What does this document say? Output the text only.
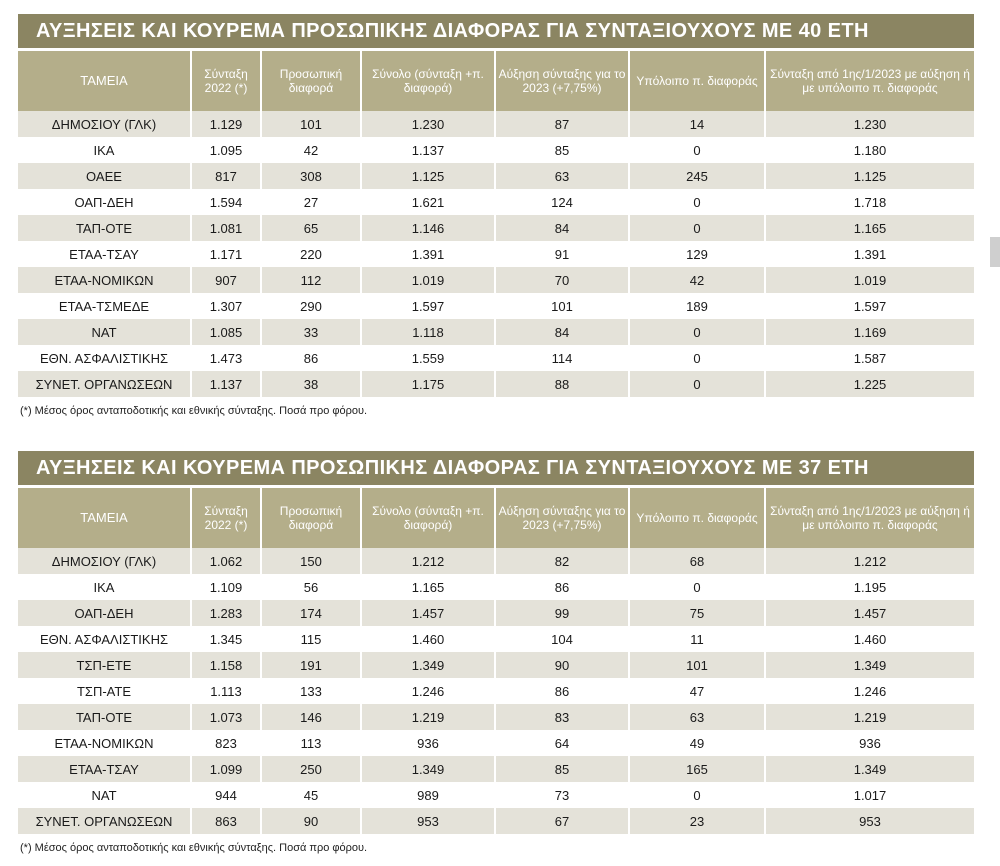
ΑΥΞΗΣΕΙΣ ΚΑΙ ΚΟΥΡΕΜΑ ΠΡΟΣΩΠΙΚΗΣ ΔΙΑΦΟΡΑΣ ΓΙΑ ΣΥΝΤΑΞΙΟΥΧΟΥΣ ΜΕ 40 ΕΤΗ
ΤΑΜΕΙΑ	Σύνταξη 2022 (*)	Προσωπική διαφορά	Σύνολο (σύνταξη +π. διαφορά)	Αύξηση σύνταξης για το 2023 (+7,75%)	Υπόλοιπο π. διαφοράς	Σύνταξη από 1ης/1/2023 με αύξηση ή με υπόλοιπο π. διαφοράς
ΔΗΜΟΣΙΟΥ (ΓΛΚ)	1.129	101	1.230	87	14	1.230
ΙΚΑ	1.095	42	1.137	85	0	1.180
ΟΑΕΕ	817	308	1.125	63	245	1.125
ΟΑΠ-ΔΕΗ	1.594	27	1.621	124	0	1.718
ΤΑΠ-ΟΤΕ	1.081	65	1.146	84	0	1.165
ΕΤΑΑ-ΤΣΑΥ	1.171	220	1.391	91	129	1.391
ΕΤΑΑ-ΝΟΜΙΚΩΝ	907	112	1.019	70	42	1.019
ΕΤΑΑ-ΤΣΜΕΔΕ	1.307	290	1.597	101	189	1.597
ΝΑΤ	1.085	33	1.118	84	0	1.169
ΕΘΝ. ΑΣΦΑΛΙΣΤΙΚΗΣ	1.473	86	1.559	114	0	1.587
ΣΥΝΕΤ. ΟΡΓΑΝΩΣΕΩΝ	1.137	38	1.175	88	0	1.225
(*) Μέσος όρος ανταποδοτικής και εθνικής σύνταξης. Ποσά προ φόρου.
ΑΥΞΗΣΕΙΣ ΚΑΙ ΚΟΥΡΕΜΑ ΠΡΟΣΩΠΙΚΗΣ ΔΙΑΦΟΡΑΣ ΓΙΑ ΣΥΝΤΑΞΙΟΥΧΟΥΣ ΜΕ 37 ΕΤΗ
ΤΑΜΕΙΑ	Σύνταξη 2022 (*)	Προσωπική διαφορά	Σύνολο (σύνταξη +π. διαφορά)	Αύξηση σύνταξης για το 2023 (+7,75%)	Υπόλοιπο π. διαφοράς	Σύνταξη από 1ης/1/2023 με αύξηση ή με υπόλοιπο π. διαφοράς
ΔΗΜΟΣΙΟΥ (ΓΛΚ)	1.062	150	1.212	82	68	1.212
ΙΚΑ	1.109	56	1.165	86	0	1.195
ΟΑΠ-ΔΕΗ	1.283	174	1.457	99	75	1.457
ΕΘΝ. ΑΣΦΑΛΙΣΤΙΚΗΣ	1.345	115	1.460	104	11	1.460
ΤΣΠ-ΕΤΕ	1.158	191	1.349	90	101	1.349
ΤΣΠ-ΑΤΕ	1.113	133	1.246	86	47	1.246
ΤΑΠ-ΟΤΕ	1.073	146	1.219	83	63	1.219
ΕΤΑΑ-ΝΟΜΙΚΩΝ	823	113	936	64	49	936
ΕΤΑΑ-ΤΣΑΥ	1.099	250	1.349	85	165	1.349
ΝΑΤ	944	45	989	73	0	1.017
ΣΥΝΕΤ. ΟΡΓΑΝΩΣΕΩΝ	863	90	953	67	23	953
(*) Μέσος όρος ανταποδοτικής και εθνικής σύνταξης. Ποσά προ φόρου.
